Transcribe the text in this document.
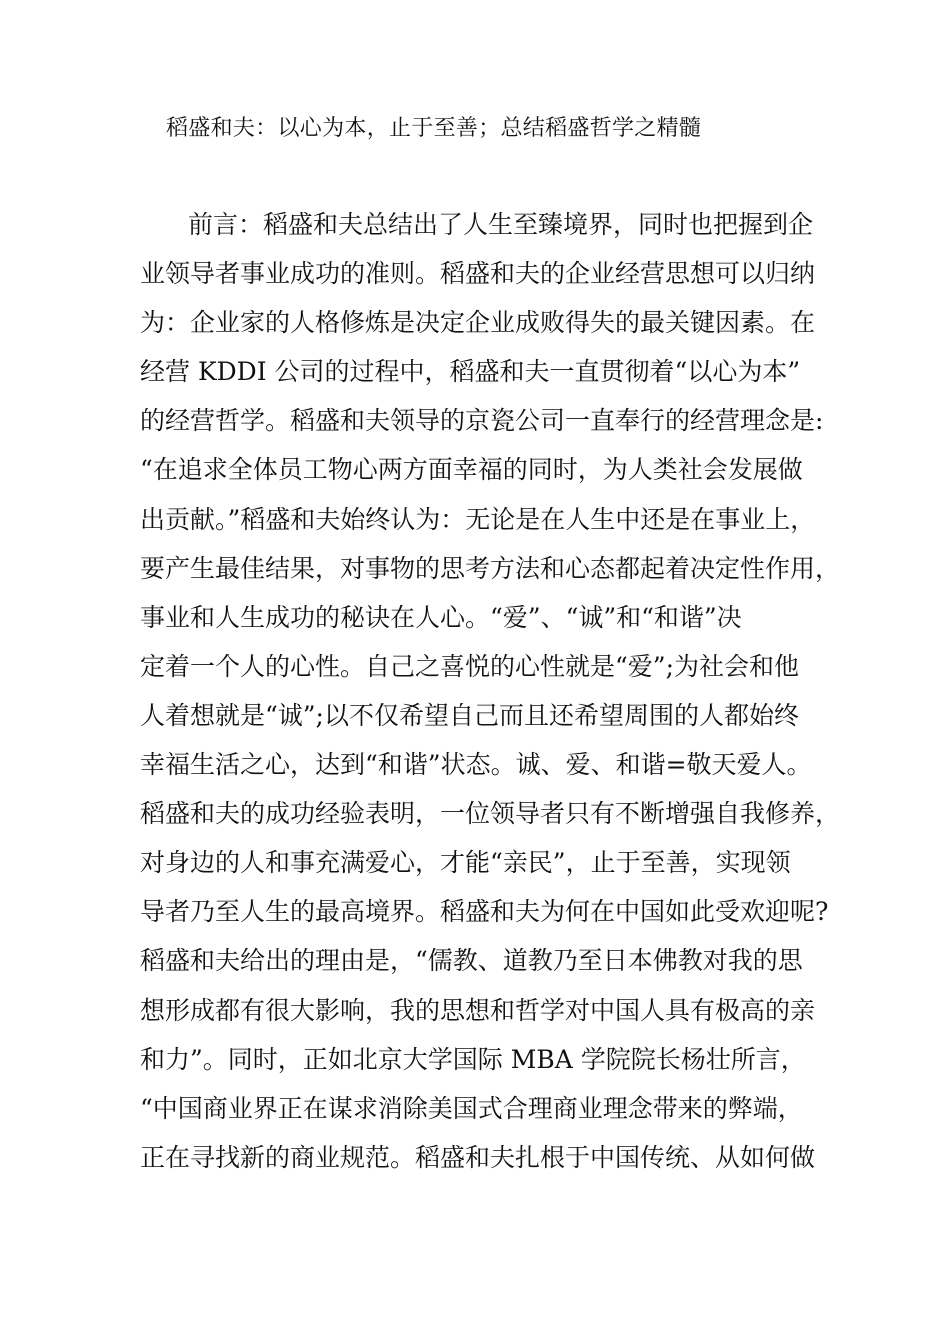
稻盛和夫：以心为本，止于至善；总结稻盛哲学之精髓
前言：稻盛和夫总结出了人生至臻境界，同时也把握到企
业领导者事业成功的准则。稻盛和夫的企业经营思想可以归纳
为：企业家的人格修炼是决定企业成败得失的最关键因素。在
经营 KDDI 公司的过程中，稻盛和夫一直贯彻着“以心为本”
的经营哲学。稻盛和夫领导的京瓷公司一直奉行的经营理念是:
“在追求全体员工物心两方面幸福的同时，为人类社会发展做
出贡献。”稻盛和夫始终认为：无论是在人生中还是在事业上，
要产生最佳结果，对事物的思考方法和心态都起着决定性作用，
事业和人生成功的秘诀在人心。“爱”、“诚”和“和谐”决
定着一个人的心性。自己之喜悦的心性就是“爱”;为社会和他
人着想就是“诚”;以不仅希望自己而且还希望周围的人都始终
幸福生活之心，达到“和谐”状态。诚、爱、和谐=敬天爱人。
稻盛和夫的成功经验表明，一位领导者只有不断增强自我修养，
对身边的人和事充满爱心，才能“亲民”，止于至善，实现领
导者乃至人生的最高境界。稻盛和夫为何在中国如此受欢迎呢?
稻盛和夫给出的理由是，“儒教、道教乃至日本佛教对我的思
想形成都有很大影响，我的思想和哲学对中国人具有极高的亲
和力”。同时，正如北京大学国际 MBA 学院院长杨壮所言，
“中国商业界正在谋求消除美国式合理商业理念带来的弊端，
正在寻找新的商业规范。稻盛和夫扎根于中国传统、从如何做
